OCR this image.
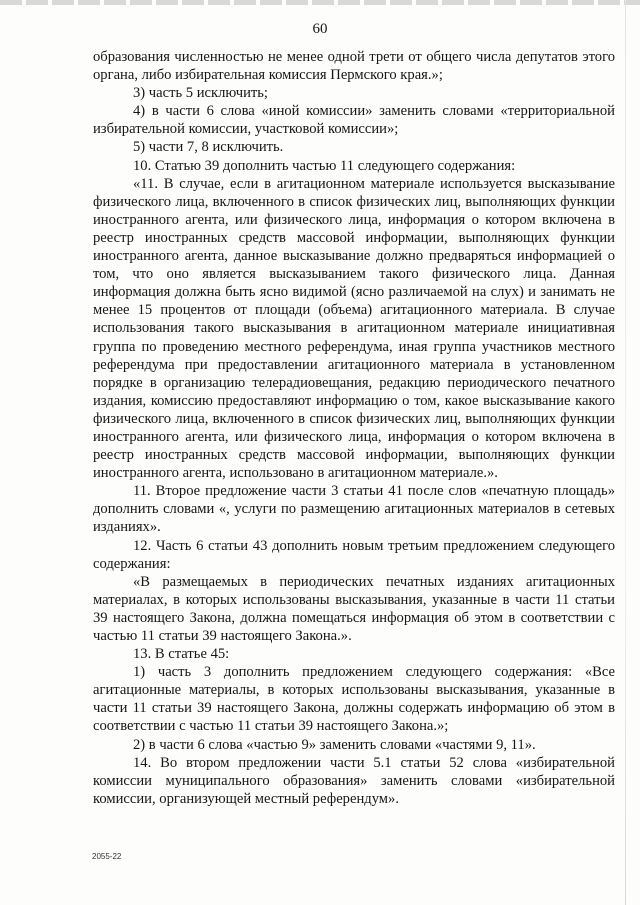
60

образования численностью не менее одной трети от общего числа депутатов этого органа, либо избирательная комиссия Пермского края.»;

3) часть 5 исключить;

4) в части 6 слова «иной комиссии» заменить словами «территориальной избирательной комиссии, участковой комиссии»;

5) части 7, 8 исключить.

10. Статью 39 дополнить частью 11 следующего содержания:

«11. В случае, если в агитационном материале используется высказывание физического лица, включенного в список физических лиц, выполняющих функции иностранного агента, или физического лица, информация о котором включена в реестр иностранных средств массовой информации, выполняющих функции иностранного агента, данное высказывание должно предваряться информацией о том, что оно является высказыванием такого физического лица. Данная информация должна быть ясно видимой (ясно различаемой на слух) и занимать не менее 15 процентов от площади (объема) агитационного материала. В случае использования такого высказывания в агитационном материале инициативная группа по проведению местного референдума, иная группа участников местного референдума при предоставлении агитационного материала в установленном порядке в организацию телерадиовещания, редакцию периодического печатного издания, комиссию предоставляют информацию о том, какое высказывание какого физического лица, включенного в список физических лиц, выполняющих функции иностранного агента, или физического лица, информация о котором включена в реестр иностранных средств массовой информации, выполняющих функции иностранного агента, использовано в агитационном материале.».

11. Второе предложение части 3 статьи 41 после слов «печатную площадь» дополнить словами «, услуги по размещению агитационных материалов в сетевых изданиях».

12. Часть 6 статьи 43 дополнить новым третьим предложением следующего содержания:

«В размещаемых в периодических печатных изданиях агитационных материалах, в которых использованы высказывания, указанные в части 11 статьи 39 настоящего Закона, должна помещаться информация об этом в соответствии с частью 11 статьи 39 настоящего Закона.».

13. В статье 45:

1) часть 3 дополнить предложением следующего содержания: «Все агитационные материалы, в которых использованы высказывания, указанные в части 11 статьи 39 настоящего Закона, должны содержать информацию об этом в соответствии с частью 11 статьи 39 настоящего Закона.»;

2) в части 6 слова «частью 9» заменить словами «частями 9, 11».

14. Во втором предложении части 5.1 статьи 52 слова «избирательной комиссии муниципального образования» заменить словами «избирательной комиссии, организующей местный референдум».

2055-22
